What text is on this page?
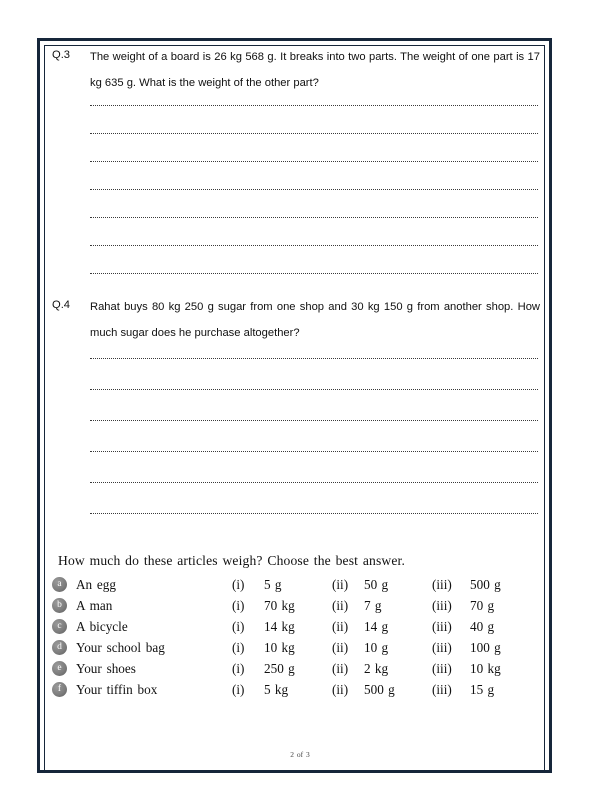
Q.3	The weight of a board is 26 kg 568 g. It breaks into two parts. The weight of one part is 17 kg 635 g. What is the weight of the other part?
Q.4	Rahat buys 80 kg 250 g sugar from one shop and 30 kg 150 g from another shop. How much sugar does he purchase altogether?
How much do these articles weigh? Choose the best answer.
a	An egg	(i)	5 g	(ii)	50 g	(iii)	500 g
b	A man	(i)	70 kg	(ii)	7 g	(iii)	70 g
c	A bicycle	(i)	14 kg	(ii)	14 g	(iii)	40 g
d	Your school bag	(i)	10 kg	(ii)	10 g	(iii)	100 g
e	Your shoes	(i)	250 g	(ii)	2 kg	(iii)	10 kg
f	Your tiffin box	(i)	5 kg	(ii)	500 g	(iii)	15 g
2 of 3
